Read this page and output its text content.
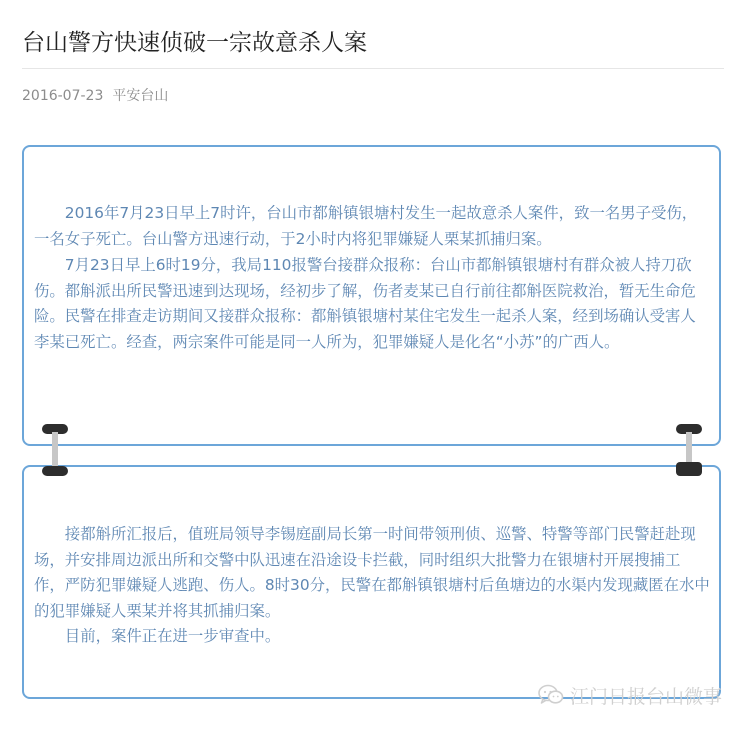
台山警方快速侦破一宗故意杀人案
2016-07-23 平安台山

2016年7月23日早上7时许，台山市都斛镇银塘村发生一起故意杀人案件，致一名男子受伤，一名女子死亡。台山警方迅速行动，于2小时内将犯罪嫌疑人栗某抓捕归案。

7月23日早上6时19分，我局110报警台接群众报称：台山市都斛镇银塘村有群众被人持刀砍伤。都斛派出所民警迅速到达现场，经初步了解，伤者麦某已自行前往都斛医院救治，暂无生命危险。民警在排查走访期间又接群众报称：都斛镇银塘村某住宅发生一起杀人案，经到场确认受害人李某已死亡。经查，两宗案件可能是同一人所为，犯罪嫌疑人是化名“小苏”的广西人。

接都斛所汇报后，值班局领导李锡庭副局长第一时间带领刑侦、巡警、特警等部门民警赶赴现场，并安排周边派出所和交警中队迅速在沿途设卡拦截，同时组织大批警力在银塘村开展搜捕工作，严防犯罪嫌疑人逃跑、伤人。8时30分，民警在都斛镇银塘村后鱼塘边的水渠内发现藏匿在水中的犯罪嫌疑人栗某并将其抓捕归案。

目前，案件正在进一步审查中。

江门日报台山微事
